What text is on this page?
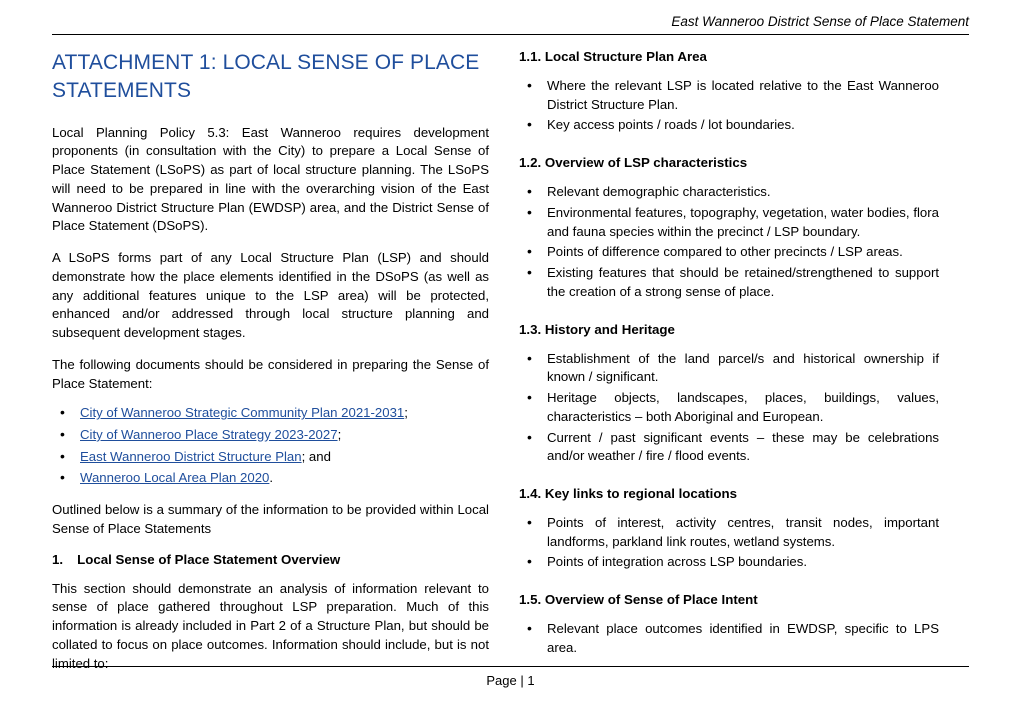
East Wanneroo District Sense of Place Statement
ATTACHMENT 1: LOCAL SENSE OF PLACE STATEMENTS

Local Planning Policy 5.3: East Wanneroo requires development proponents (in consultation with the City) to prepare a Local Sense of Place Statement (LSoPS) as part of local structure planning. The LSoPS will need to be prepared in line with the overarching vision of the East Wanneroo District Structure Plan (EWDSP) area, and the District Sense of Place Statement (DSoPS).

A LSoPS forms part of any Local Structure Plan (LSP) and should demonstrate how the place elements identified in the DSoPS (as well as any additional features unique to the LSP area) will be protected, enhanced and/or addressed through local structure planning and subsequent development stages.

The following documents should be considered in preparing the Sense of Place Statement:

• City of Wanneroo Strategic Community Plan 2021-2031;
• City of Wanneroo Place Strategy 2023-2027;
• East Wanneroo District Structure Plan; and
• Wanneroo Local Area Plan 2020.

Outlined below is a summary of the information to be provided within Local Sense of Place Statements

1. Local Sense of Place Statement Overview

This section should demonstrate an analysis of information relevant to sense of place gathered throughout LSP preparation. Much of this information is already included in Part 2 of a Structure Plan, but should be collated to focus on place outcomes. Information should include, but is not limited to:

1.1. Local Structure Plan Area
• Where the relevant LSP is located relative to the East Wanneroo District Structure Plan.
• Key access points / roads / lot boundaries.
1.2. Overview of LSP characteristics
• Relevant demographic characteristics.
• Environmental features, topography, vegetation, water bodies, flora and fauna species within the precinct / LSP boundary.
• Points of difference compared to other precincts / LSP areas.
• Existing features that should be retained/strengthened to support the creation of a strong sense of place.
1.3. History and Heritage
• Establishment of the land parcel/s and historical ownership if known / significant.
• Heritage objects, landscapes, places, buildings, values, characteristics – both Aboriginal and European.
• Current / past significant events – these may be celebrations and/or weather / fire / flood events.
1.4. Key links to regional locations
• Points of interest, activity centres, transit nodes, important landforms, parkland link routes, wetland systems.
• Points of integration across LSP boundaries.
1.5. Overview of Sense of Place Intent
• Relevant place outcomes identified in EWDSP, specific to LPS area.
Page | 1
